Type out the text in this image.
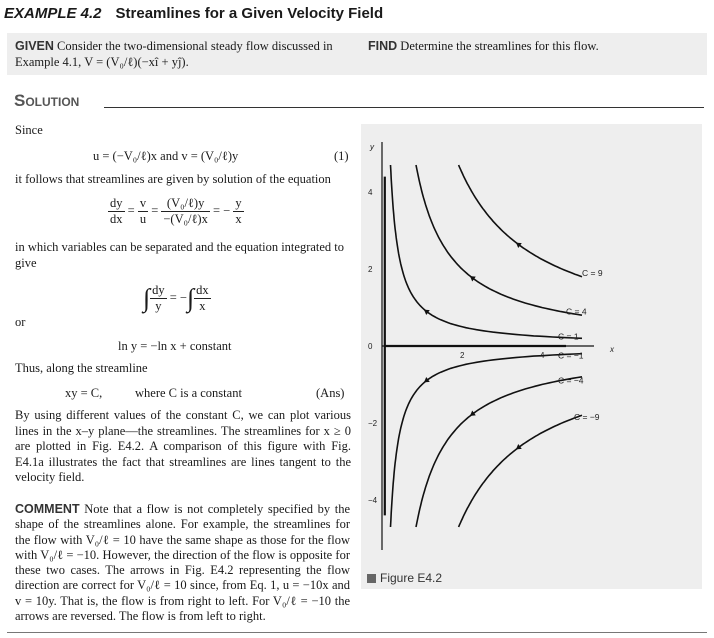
EXAMPLE 4.2 Streamlines for a Given Velocity Field
GIVEN Consider the two-dimensional steady flow discussed in Example 4.1, V = (V₀/ℓ)(−xî + yĵ).
FIND Determine the streamlines for this flow.
Solution
Since
u = (−V₀/ℓ)x and v = (V₀/ℓ)y	(1)
it follows that streamlines are given by solution of the equation
$\frac{dy}{dx} = \frac{v}{u} = \frac{\text{(V₀/ℓ)y}}{\text{−(V₀/ℓ)x}}$ = − $\frac{y}{x}$
in which variables can be separated and the equation integrated to give
∫ $\frac{dy}{y}$ = −∫ $\frac{dx}{x}$
or
ln y = −ln x + constant
Thus, along the streamline
xy = C,	where C is a constant	(Ans)
By using different values of the constant C, we can plot various lines in the x–y plane—the streamlines. The streamlines for x ≥ 0 are plotted in Fig. E4.2. A comparison of this figure with Fig. E4.1a illustrates the fact that streamlines are lines tangent to the velocity field.
COMMENT Note that a flow is not completely specified by the shape of the streamlines alone. For example, the streamlines for the flow with V₀/ℓ = 10 have the same shape as those for the flow with V₀/ℓ = −10. However, the direction of the flow is opposite for these two cases. The arrows in Fig. E4.2 representing the flow direction are correct for V₀/ℓ = 10 since, from Eq. 1, u = −10x and v = 10y. That is, the flow is from right to left. For V₀/ℓ = −10 the arrows are reversed. The flow is from left to right.
4
2
0
−2
−4
2	4
y
x
C = 9
C = 4
C = 1
C = −1
C = −4
C = −9
Figure E4.2
